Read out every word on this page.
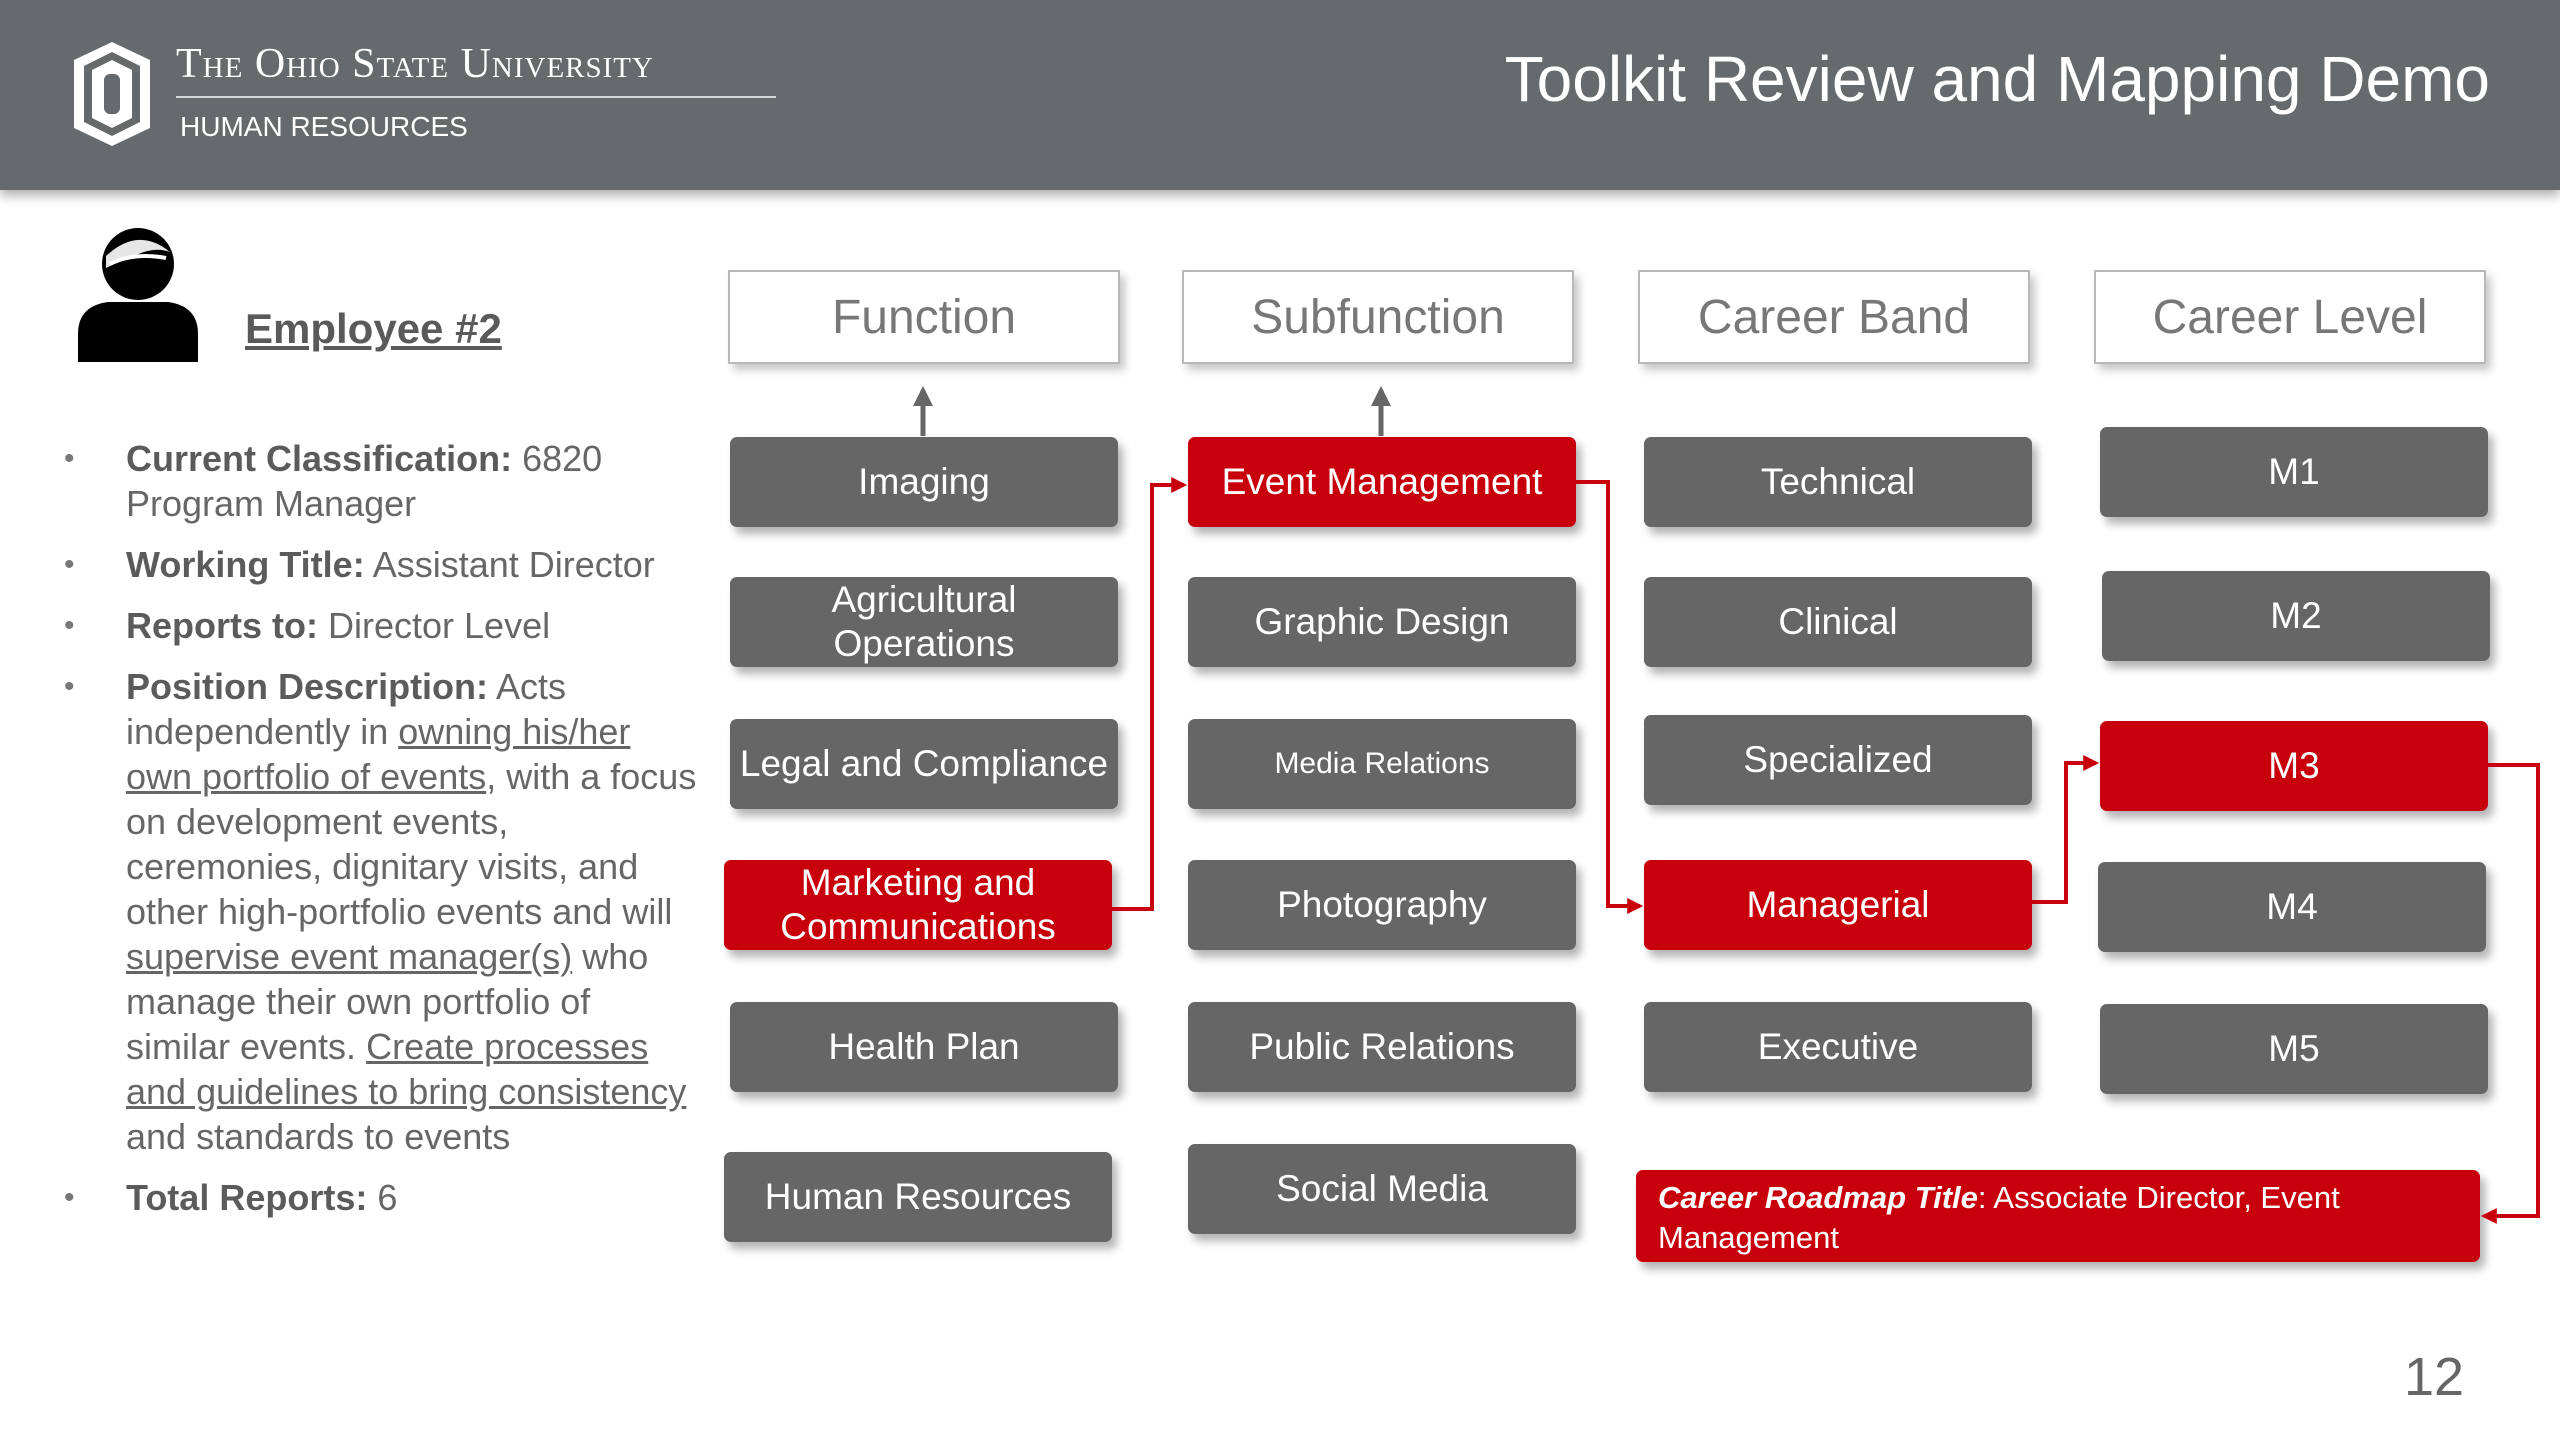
The Ohio State University
HUMAN RESOURCES
Toolkit Review and Mapping Demo
Employee #2
• Current Classification: 6820 Program Manager
• Working Title: Assistant Director
• Reports to: Director Level
• Position Description: Acts independently in owning his/her own portfolio of events, with a focus on development events, ceremonies, dignitary visits, and other high-portfolio events and will supervise event manager(s) who manage their own portfolio of similar events. Create processes and guidelines to bring consistency and standards to events
• Total Reports: 6
Function	Subfunction	Career Band	Career Level
Imaging
Agricultural Operations
Legal and Compliance
Marketing and Communications
Health Plan
Human Resources
Event Management
Graphic Design
Media Relations
Photography
Public Relations
Social Media
Technical
Clinical
Specialized
Managerial
Executive
M1
M2
M3
M4
M5
Career Roadmap Title: Associate Director, Event Management
12
